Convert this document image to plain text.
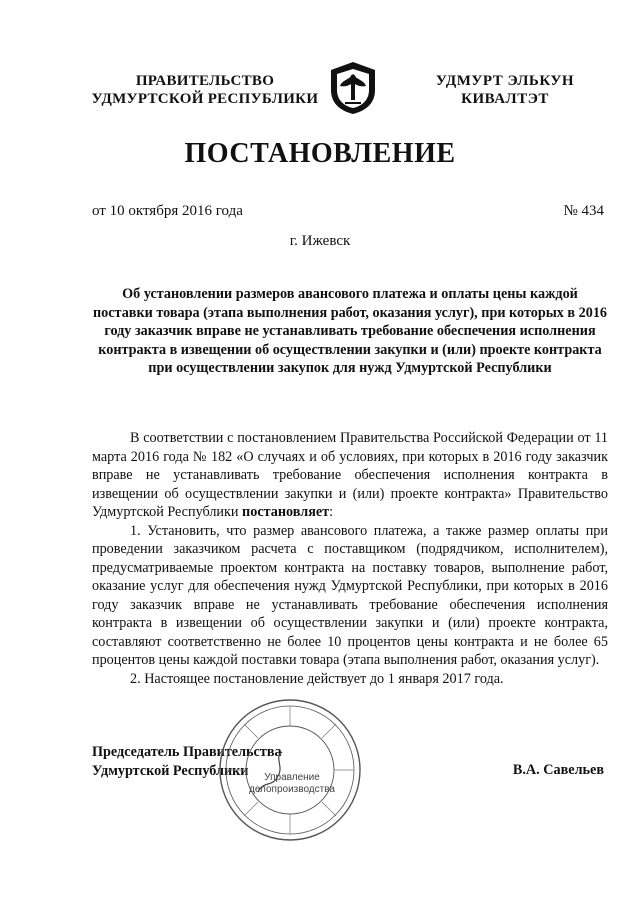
ПРАВИТЕЛЬСТВО
УДМУРТСКОЙ РЕСПУБЛИКИ
УДМУРТ ЭЛЬКУН
КИВАЛТЭТ
ПОСТАНОВЛЕНИЕ
от 10 октября 2016 года	№ 434
г. Ижевск
Об установлении размеров авансового платежа и оплаты цены каждой поставки товара (этапа выполнения работ, оказания услуг), при которых в 2016 году заказчик вправе не устанавливать требование обеспечения исполнения контракта в извещении об осуществлении закупки и (или) проекте контракта при осуществлении закупок для нужд Удмуртской Республики

В соответствии с постановлением Правительства Российской Федерации от 11 марта 2016 года № 182 «О случаях и об условиях, при которых в 2016 году заказчик вправе не устанавливать требование обеспечения исполнения контракта в извещении об осуществлении закупки и (или) проекте контракта» Правительство Удмуртской Республики постановляет:

1. Установить, что размер авансового платежа, а также размер оплаты при проведении заказчиком расчета с поставщиком (подрядчиком, исполнителем), предусматриваемые проектом контракта на поставку товаров, выполнение работ, оказание услуг для обеспечения нужд Удмуртской Республики, при которых в 2016 году заказчик вправе не устанавливать требование обеспечения исполнения контракта в извещении об осуществлении закупки и (или) проекте контракта, составляют соответственно не более 10 процентов цены контракта и не более 65 процентов цены каждой поставки товара (этапа выполнения работ, оказания услуг).

2. Настоящее постановление действует до 1 января 2017 года.

Председатель Правительства
Удмуртской Республики	В.А. Савельев
Управление
делопроизводства
